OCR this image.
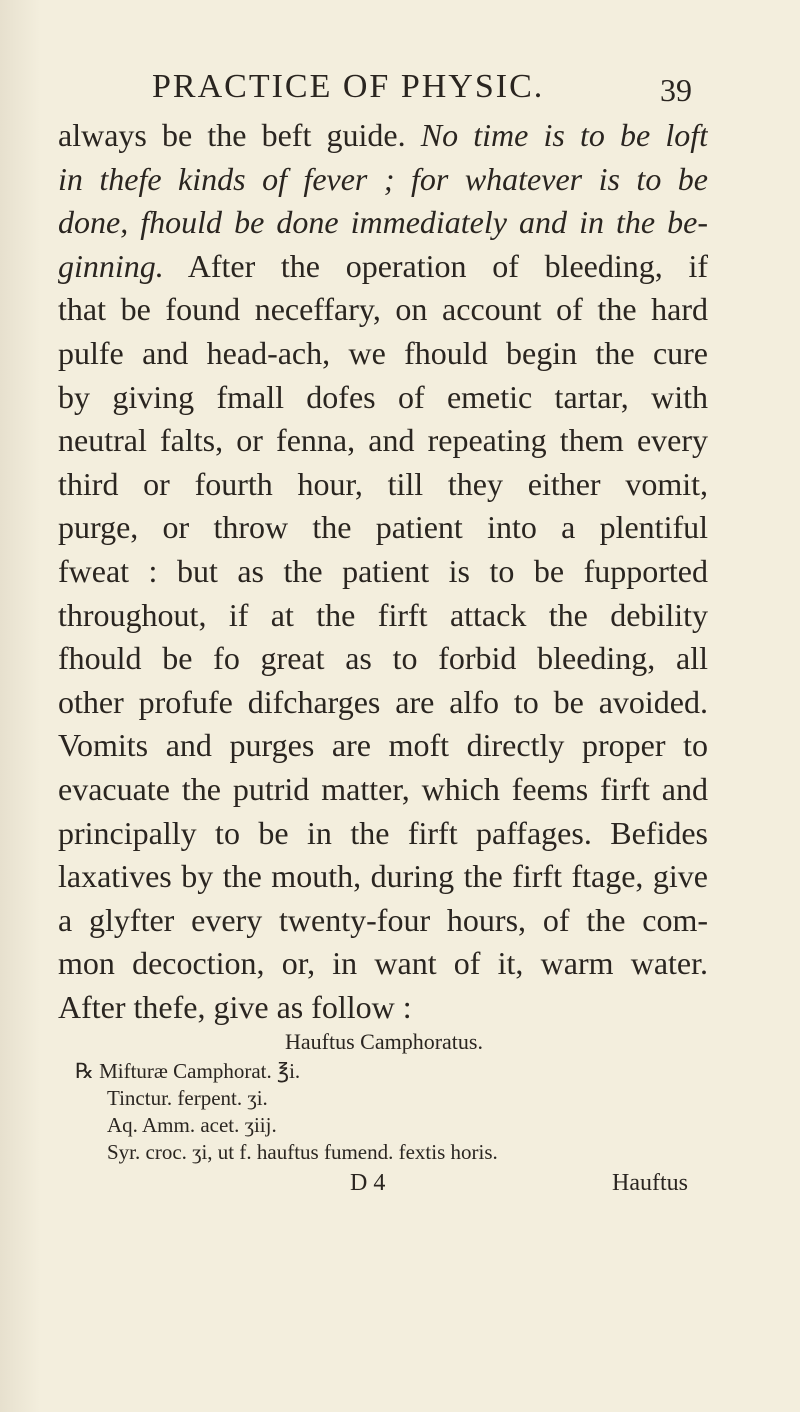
PRACTICE OF PHYSIC.	39
always be the beft guide. No time is to be loft
in thefe kinds of fever ; for whatever is to be
done, fhould be done immediately and in the be-
ginning. After the operation of bleeding, if
that be found neceffary, on account of the hard
pulfe and head-ach, we fhould begin the cure
by giving fmall dofes of emetic tartar, with
neutral falts, or fenna, and repeating them every
third or fourth hour, till they either vomit,
purge, or throw the patient into a plentiful
fweat : but as the patient is to be fupported
throughout, if at the firft attack the debility
fhould be fo great as to forbid bleeding, all
other profufe difcharges are alfo to be avoided.
Vomits and purges are moft directly proper to
evacuate the putrid matter, which feems firft and
principally to be in the firft paffages. Befides
laxatives by the mouth, during the firft ftage, give
a glyfter every twenty-four hours, of the com-
mon decoction, or, in want of it, warm water.
After thefe, give as follow :
Hauftus Camphoratus.
℞ Mifturæ Camphorat. ℥i.
Tinctur. ferpent. ʒi.
Aq. Amm. acet. ʒiij.
Syr. croc. ʒi, ut f. hauftus fumend. fextis horis.
D 4	Hauftus
